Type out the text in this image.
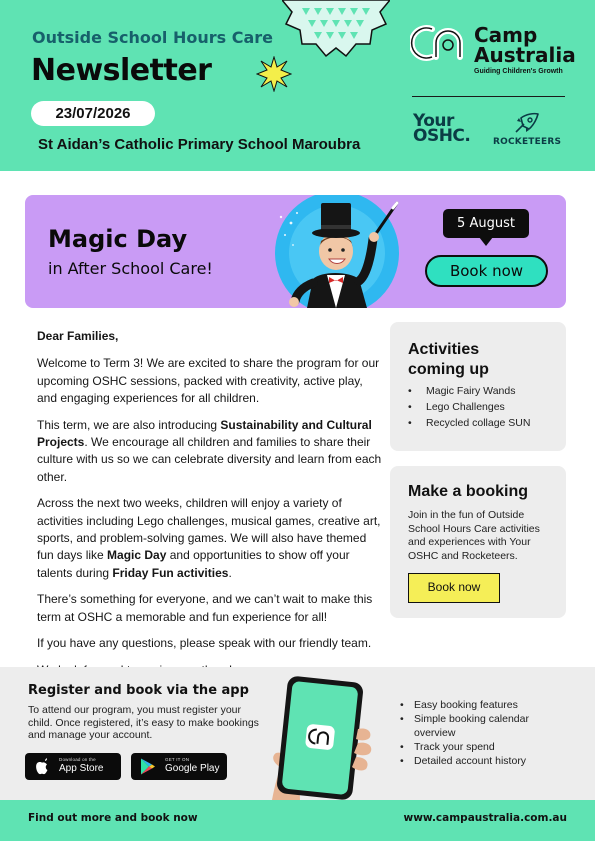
Outside School Hours Care
Newsletter
23/07/2026
St Aidan’s Catholic Primary School Maroubra
Camp
Australia
Guiding Children's Growth
Your
OSHC.	ROCKETEERS
Magic Day
in After School Care!
5 August
Book now

Dear Families,

Welcome to Term 3! We are excited to share the program for our upcoming OSHC sessions, packed with creativity, active play, and engaging experiences for all children.

This term, we are also introducing Sustainability and Cultural Projects. We encourage all children and families to share their culture with us so we can celebrate diversity and learn from each other.

Across the next two weeks, children will enjoy a variety of activities including Lego challenges, musical games, creative art, sports, and problem-solving games. We will also have themed fun days like Magic Day and opportunities to show off your talents during Friday Fun activities.

There’s something for everyone, and we can’t wait to make this term at OSHC a memorable and fun experience for all!

If you have any questions, please speak with our friendly team.

Activities
coming up
• Magic Fairy Wands
• Lego Challenges
• Recycled collage SUN
Make a booking
Join in the fun of Outside School Hours Care activities and experiences with Your OSHC and Rocketeers.
Book now
Register and book via the app
To attend our program, you must register your child. Once registered, it’s easy to make bookings and manage your account.
Download on the
App Store
GET IT ON
Google Play
• Easy booking features
• Simple booking calendar overview
• Track your spend
• Detailed account history
Find out more and book now	www.campaustralia.com.au
